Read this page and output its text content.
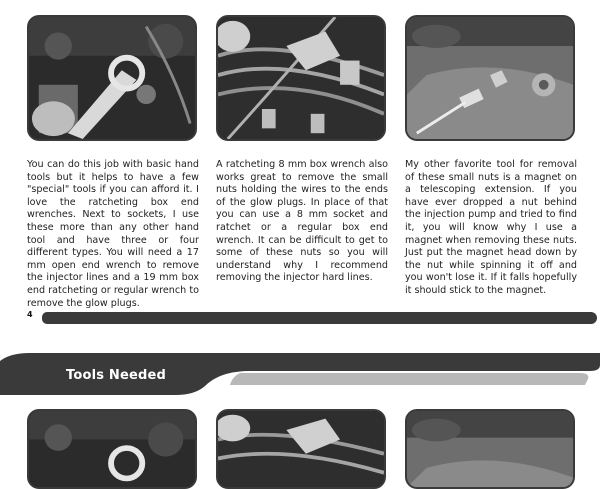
You can do this job with basic hand tools but it helps to have a few "special" tools if you can afford it. I love the ratcheting box end wrenches. Next to sockets, I use these more than any other hand tool and have three or four different types. You will need a 17 mm open end wrench to remove the injector lines and a 19 mm box end ratcheting or regular wrench to remove the glow plugs.
A ratcheting 8 mm box wrench also works great to remove the small nuts holding the wires to the ends of the glow plugs. In place of that you can use a 8 mm socket and ratchet or a regular box end wrench. It can be difficult to get to some of these nuts so you will understand why I recommend removing the injector hard lines.
My other favorite tool for removal of these small nuts is a magnet on a telescoping extension. If you have ever dropped a nut behind the injection pump and tried to find it, you will know why I use a magnet when removing these nuts. Just put the magnet head down by the nut while spinning it off and you won't lose it. If it falls hopefully it should stick to the magnet.
4
Tools Needed
